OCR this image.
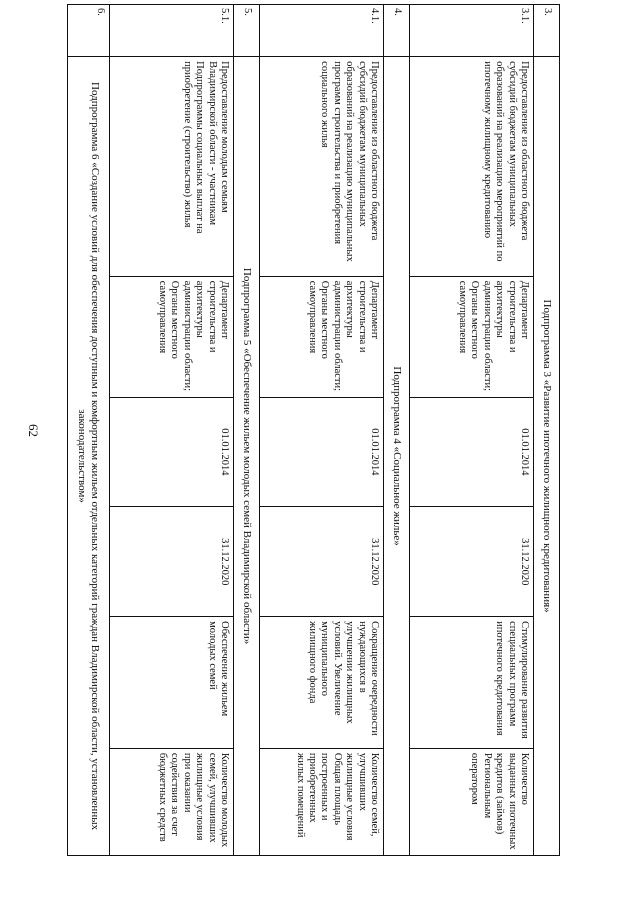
62
3.	Подпрограмма 3 «Развитие ипотечного жилищного кредитования»					
3.1.	Предоставление из областного бюджета субсидий бюджетам муниципальных образований на реализацию мероприятий по ипотечному жилищному кредитованию	Департамент строительства и архитектуры администрации области; Органы местного самоуправления	01.01.2014	31.12.2020	Стимулирование развития специальных программ ипотечного кредитования	Количество выданных ипотечных кредитов (займов) Региональным оператором
4.	Подпрограмма 4 «Социальное жилье»					
4.1.	Предоставление из областного бюджета субсидий бюджетам муниципальных образований на реализацию муниципальных программ строительства и приобретения социального жилья	Департамент строительства и архитектуры администрации области; Органы местного самоуправления	01.01.2014	31.12.2020	Сокращение очередности нуждающихся в улучшении жилищных условий. Увеличение муниципального жилищного фонда	Количество семей, улучшивших жилищные условия Общая площадь построенных и приобретенных жилых помещений
5.	Подпрограмма 5 «Обеспечение жильем молодых семей Владимирской области»					
5.1.	Предоставление молодым семьям Владимирской области - участникам Подпрограммы социальных выплат на приобретение (строительство) жилья	Департамент строительства и архитектуры администрации области; Органы местного самоуправления	01.01.2014	31.12.2020	Обеспечение жильем молодых семей	Количество молодых семей, улучшивших жилищные условия при оказании содействия за счет бюджетных средств
6.	Подпрограмма 6 «Создание условий для обеспечения доступным и комфортным жильем отдельных категорий граждан Владимирской области, установленных законодательством»					
